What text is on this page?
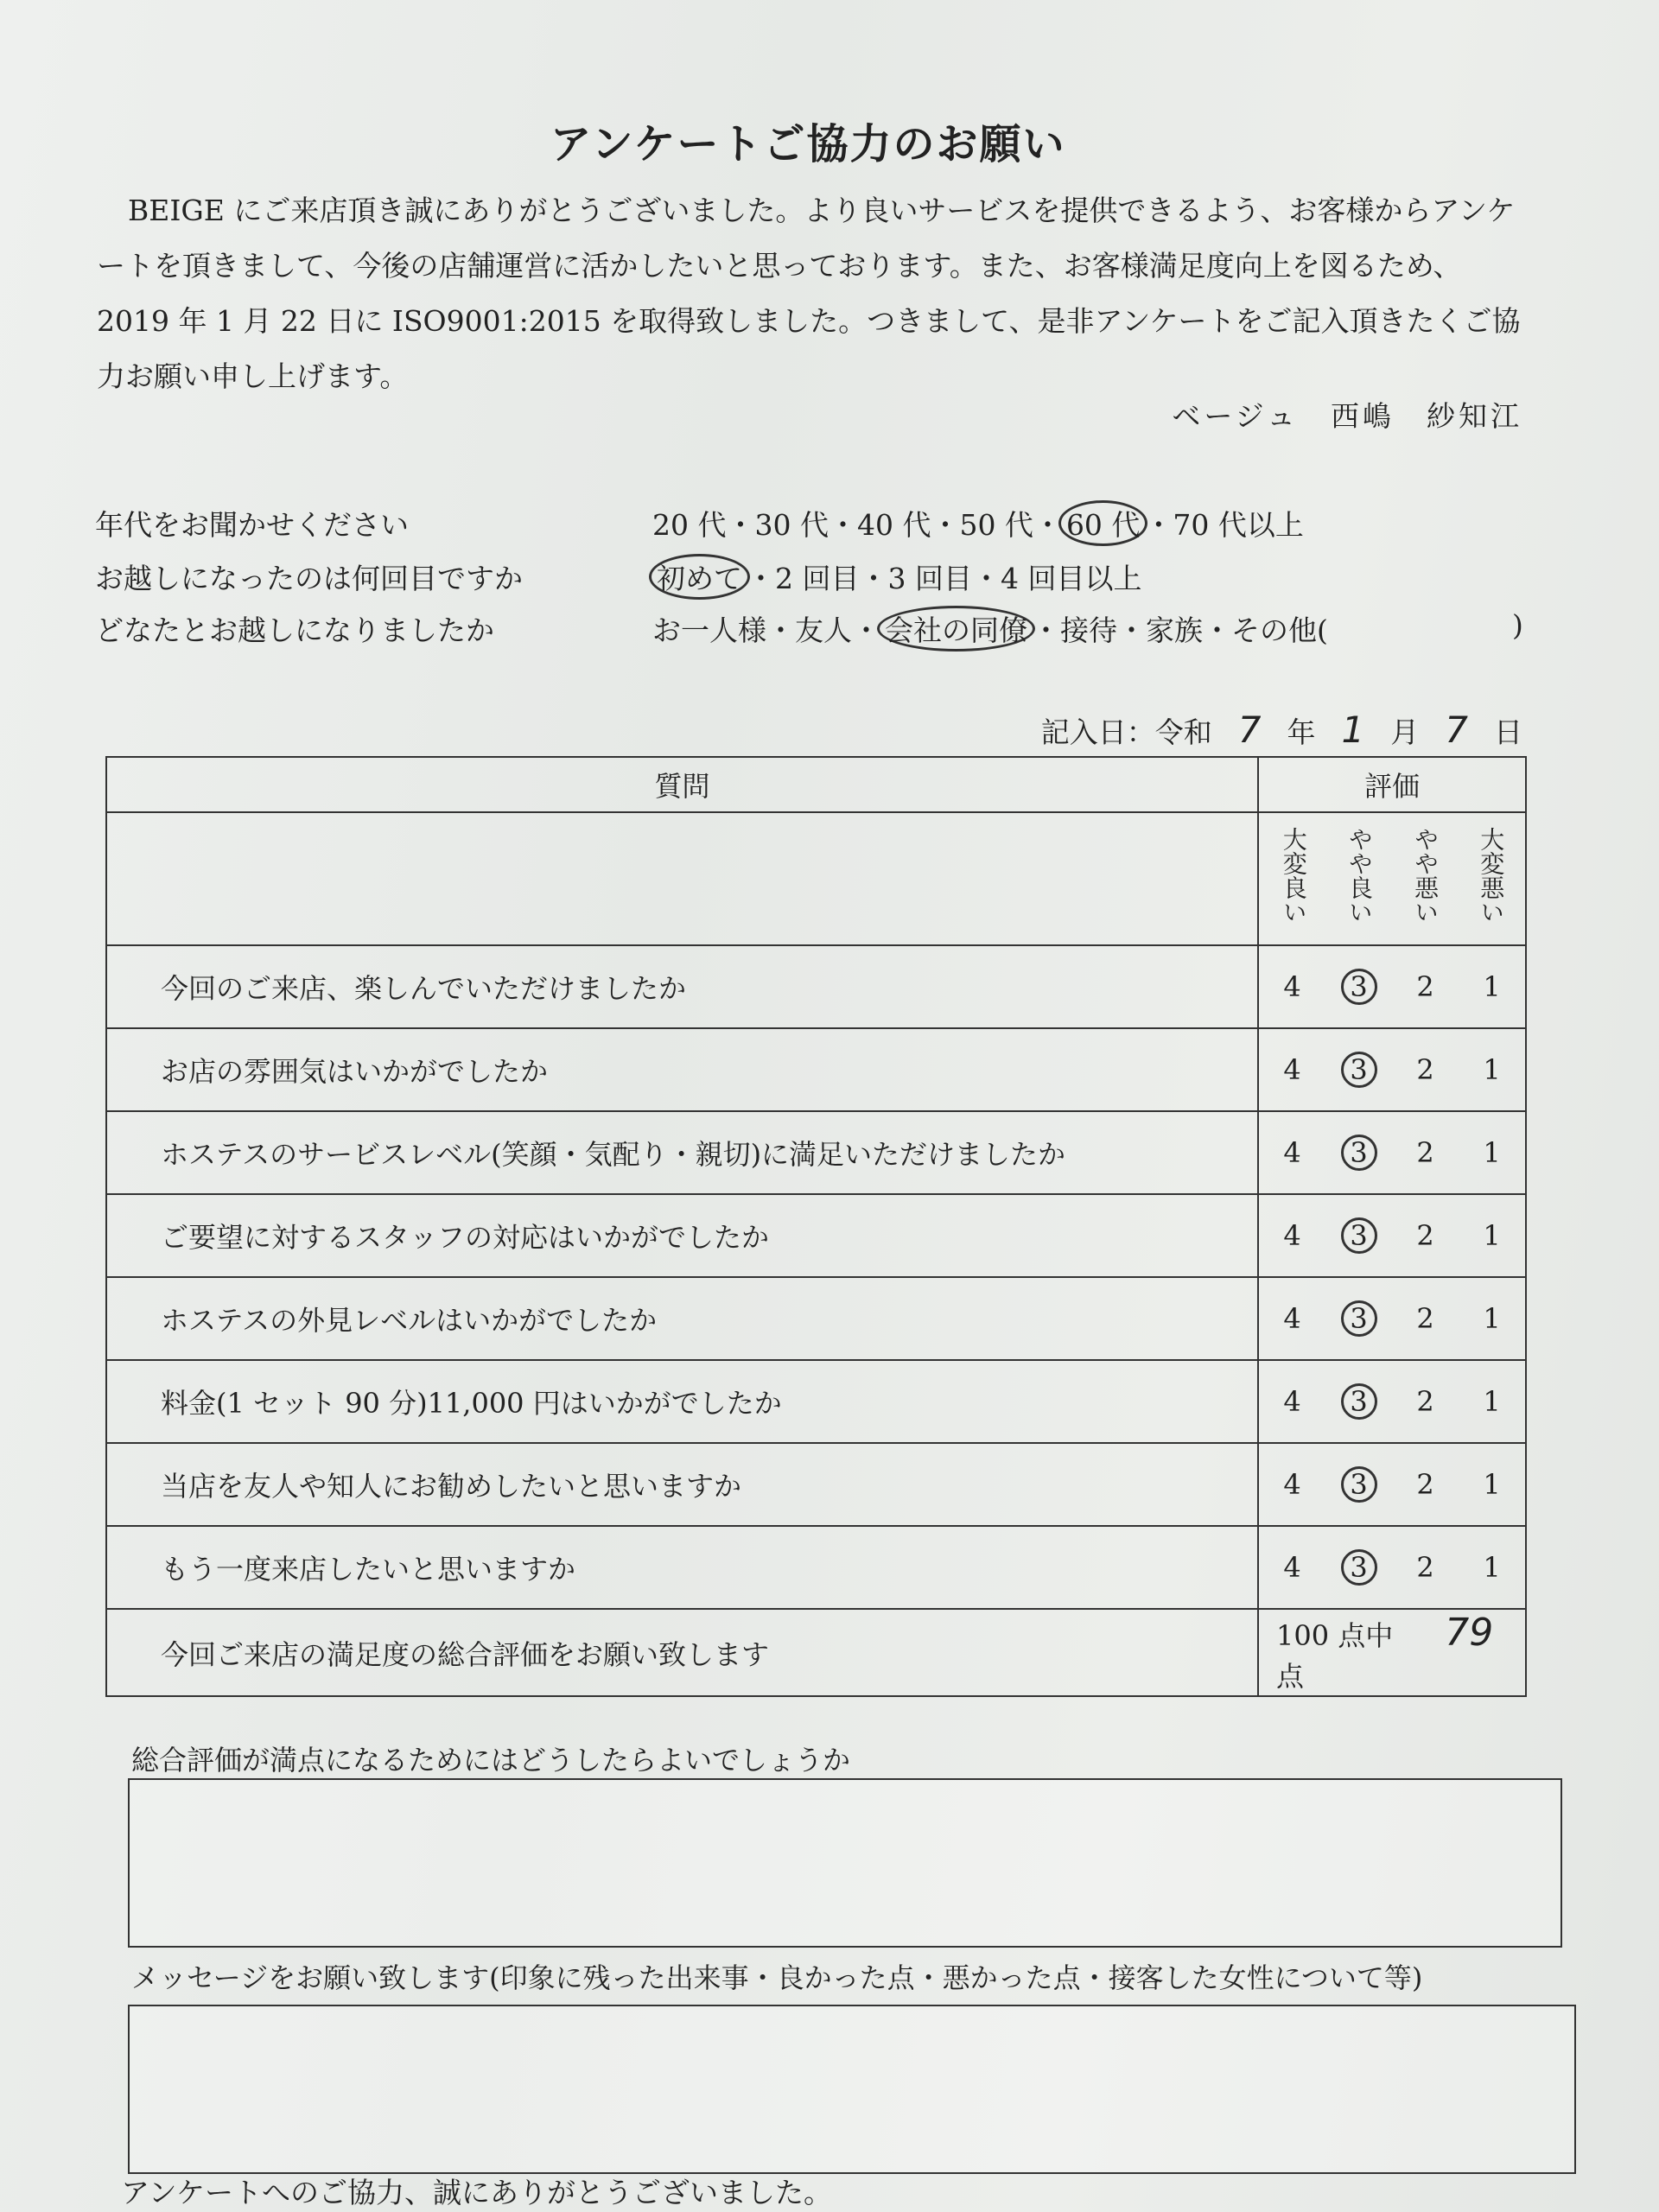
アンケートご協力のお願い
BEIGE にご来店頂き誠にありがとうございました。より良いサービスを提供できるよう、お客様からアンケートを頂きまして、今後の店舗運営に活かしたいと思っております。また、お客様満足度向上を図るため、2019 年 1 月 22 日に ISO9001:2015 を取得致しました。つきまして、是非アンケートをご記入頂きたくご協力お願い申し上げます。
ベージュ　西嶋　紗知江
年代をお聞かせください	20 代・30 代・40 代・50 代・ 60 代 ・70 代以上
お越しになったのは何回目ですか	初めて ・2 回目・3 回目・4 回目以上
どなたとお越しになりましたか	お一人様・友人・ 会社の同僚 ・接待・家族・その他(	)
記入日：令和 7 年 1 月 7 日
質問	評価			
	大変良い やや良い やや悪い 大変悪い			
今回のご来店、楽しんでいただけましたか	4	3	2	1
お店の雰囲気はいかがでしたか	4	3	2	1
ホステスのサービスレベル(笑顔・気配り・親切)に満足いただけましたか	4	3	2	1
ご要望に対するスタッフの対応はいかがでしたか	4	3	2	1
ホステスの外見レベルはいかがでしたか	4	3	2	1
料金(1 セット 90 分)11,000 円はいかがでしたか	4	3	2	1
当店を友人や知人にお勧めしたいと思いますか	4	3	2	1
もう一度来店したいと思いますか	4	3	2	1
今回ご来店の満足度の総合評価をお願い致します	100 点中 79点			
総合評価が満点になるためにはどうしたらよいでしょうか
メッセージをお願い致します(印象に残った出来事・良かった点・悪かった点・接客した女性について等)
アンケートへのご協力、誠にありがとうございました。
